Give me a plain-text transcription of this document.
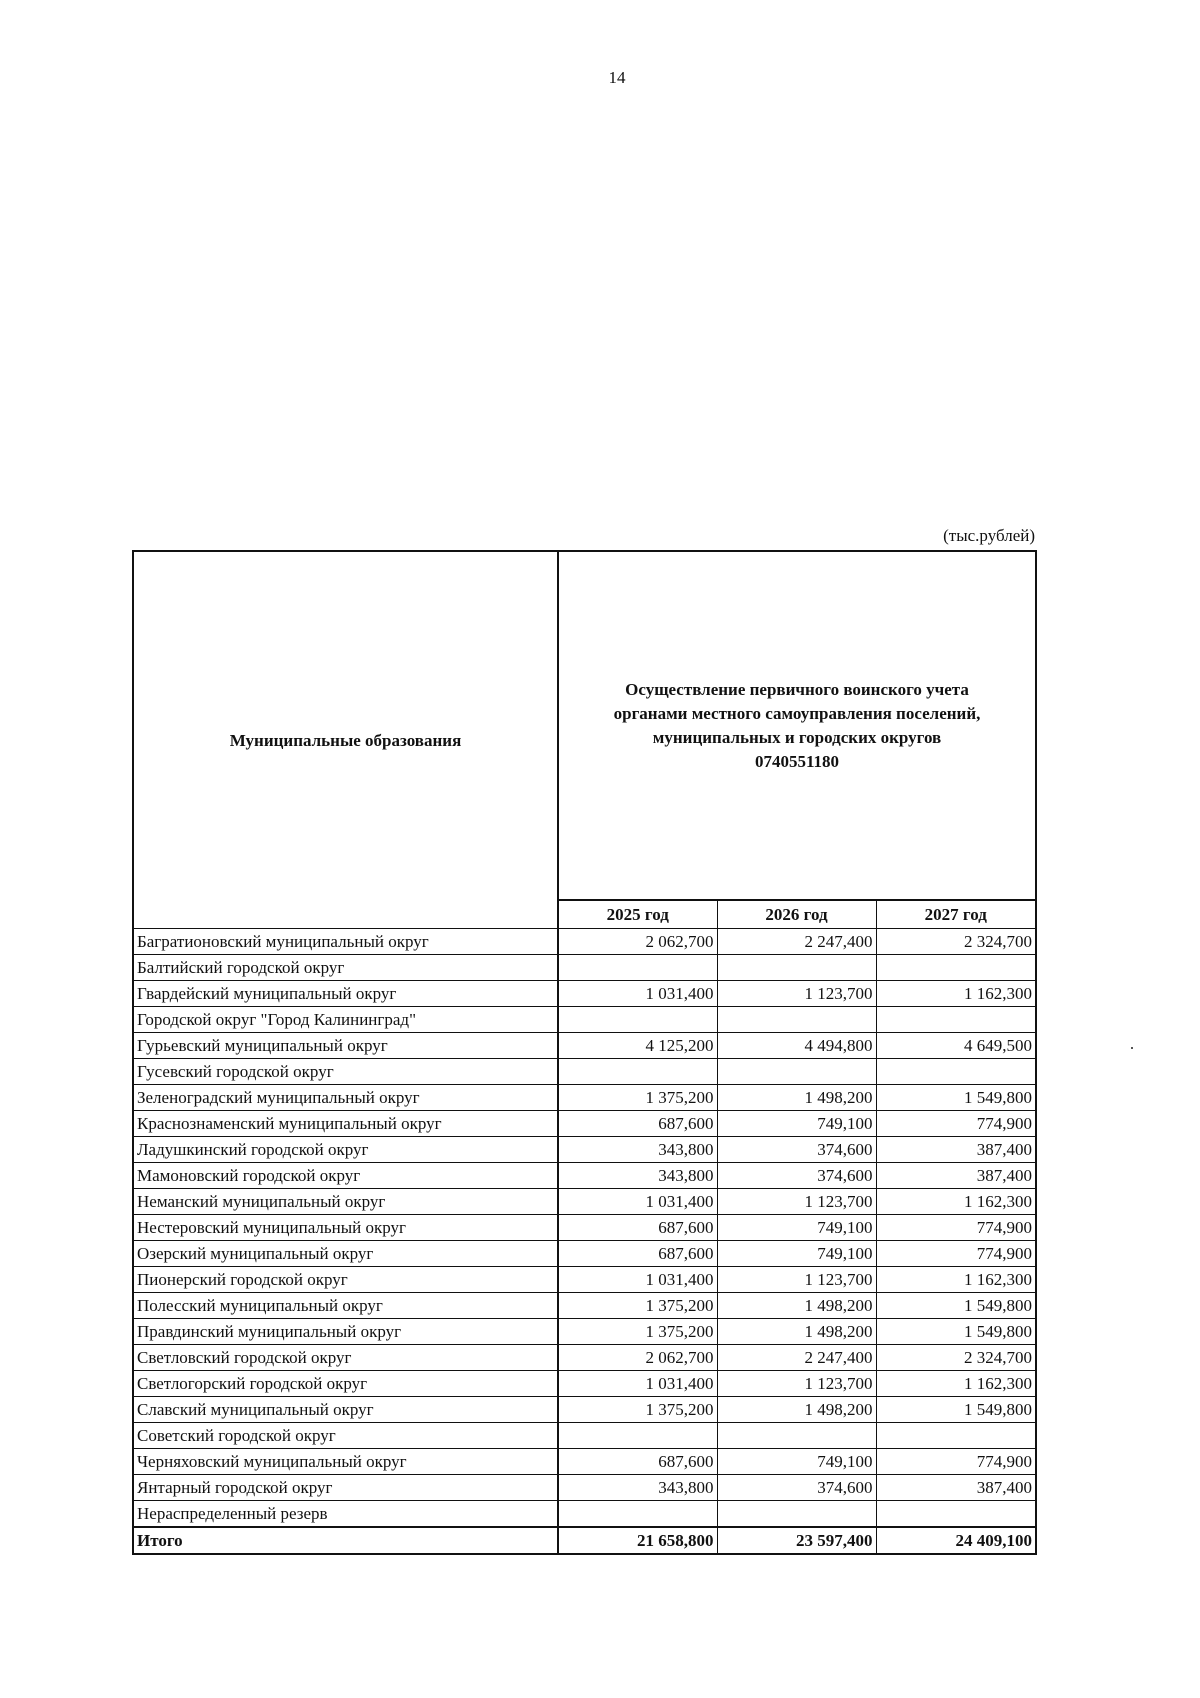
14
(тыс.рублей)
Муниципальные образования	Осуществление первичного воинского учета
органами местного самоуправления поселений,
муниципальных и городских округов
0740551180		

	2025 год	2026 год	2027 год
Багратионовский муниципальный округ	2 062,700	2 247,400	2 324,700
Балтийский городской округ			
Гвардейский муниципальный округ	1 031,400	1 123,700	1 162,300
Городской округ "Город Калининград"			
Гурьевский муниципальный округ	4 125,200	4 494,800	4 649,500
Гусевский городской округ			
Зеленоградский муниципальный округ	1 375,200	1 498,200	1 549,800
Краснознаменский муниципальный округ	687,600	749,100	774,900
Ладушкинский городской округ	343,800	374,600	387,400
Мамоновский городской округ	343,800	374,600	387,400
Неманский муниципальный округ	1 031,400	1 123,700	1 162,300
Нестеровский муниципальный округ	687,600	749,100	774,900
Озерский муниципальный округ	687,600	749,100	774,900
Пионерский городской округ	1 031,400	1 123,700	1 162,300
Полесский муниципальный округ	1 375,200	1 498,200	1 549,800
Правдинский муниципальный округ	1 375,200	1 498,200	1 549,800
Светловский городской округ	2 062,700	2 247,400	2 324,700
Светлогорский городской округ	1 031,400	1 123,700	1 162,300
Славский муниципальный округ	1 375,200	1 498,200	1 549,800
Советский городской округ			
Черняховский муниципальный округ	687,600	749,100	774,900
Янтарный городской округ	343,800	374,600	387,400
Нераспределенный резерв			
Итого	21 658,800	23 597,400	24 409,100
